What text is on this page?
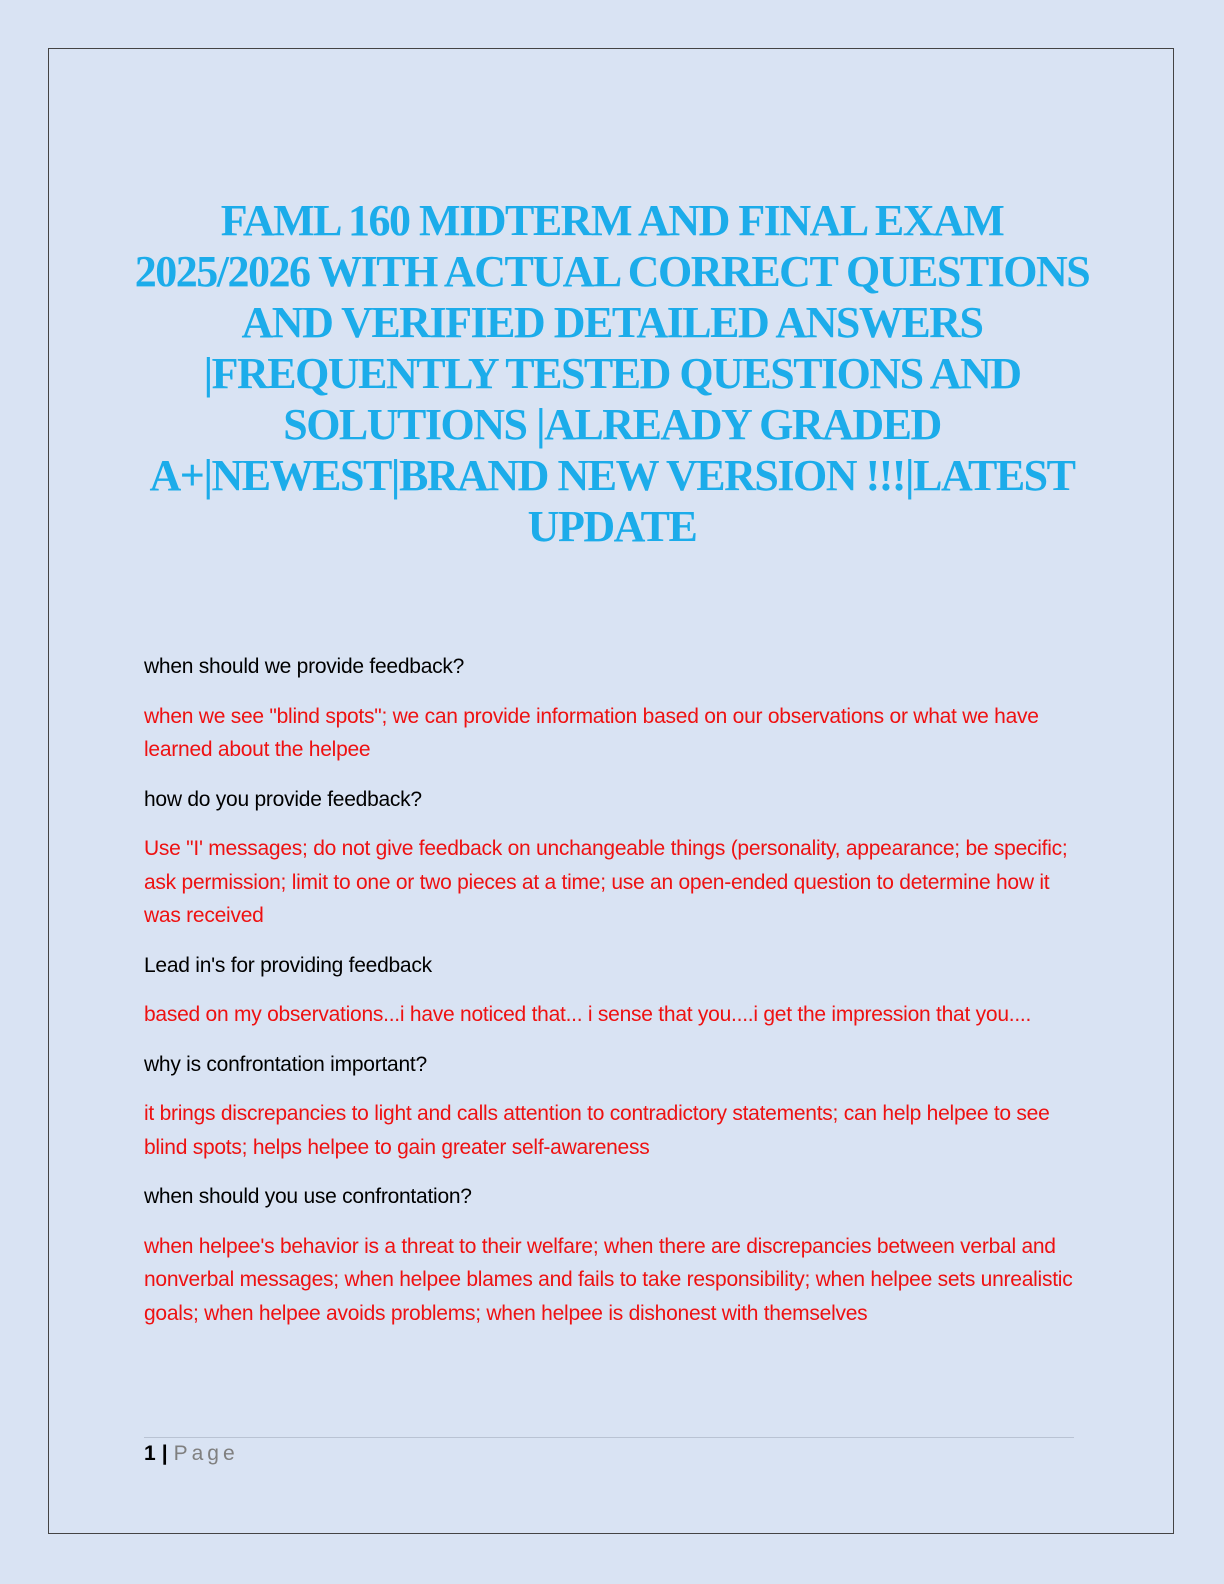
FAML 160 MIDTERM AND FINAL EXAM 2025/2026 WITH ACTUAL CORRECT QUESTIONS AND VERIFIED DETAILED ANSWERS |FREQUENTLY TESTED QUESTIONS AND SOLUTIONS |ALREADY GRADED A+|NEWEST|BRAND NEW VERSION !!!|LATEST UPDATE

when should we provide feedback?

when we see "blind spots"; we can provide information based on our observations or what we have learned about the helpee

how do you provide feedback?

Use "I' messages; do not give feedback on unchangeable things (personality, appearance; be specific; ask permission; limit to one or two pieces at a time; use an open-ended question to determine how it was received

Lead in's for providing feedback

based on my observations...i have noticed that... i sense that you....i get the impression that you....

why is confrontation important?

it brings discrepancies to light and calls attention to contradictory statements; can help helpee to see blind spots; helps helpee to gain greater self-awareness

when should you use confrontation?

when helpee's behavior is a threat to their welfare; when there are discrepancies between verbal and nonverbal messages; when helpee blames and fails to take responsibility; when helpee sets unrealistic goals; when helpee avoids problems; when helpee is dishonest with themselves

1 | Page
